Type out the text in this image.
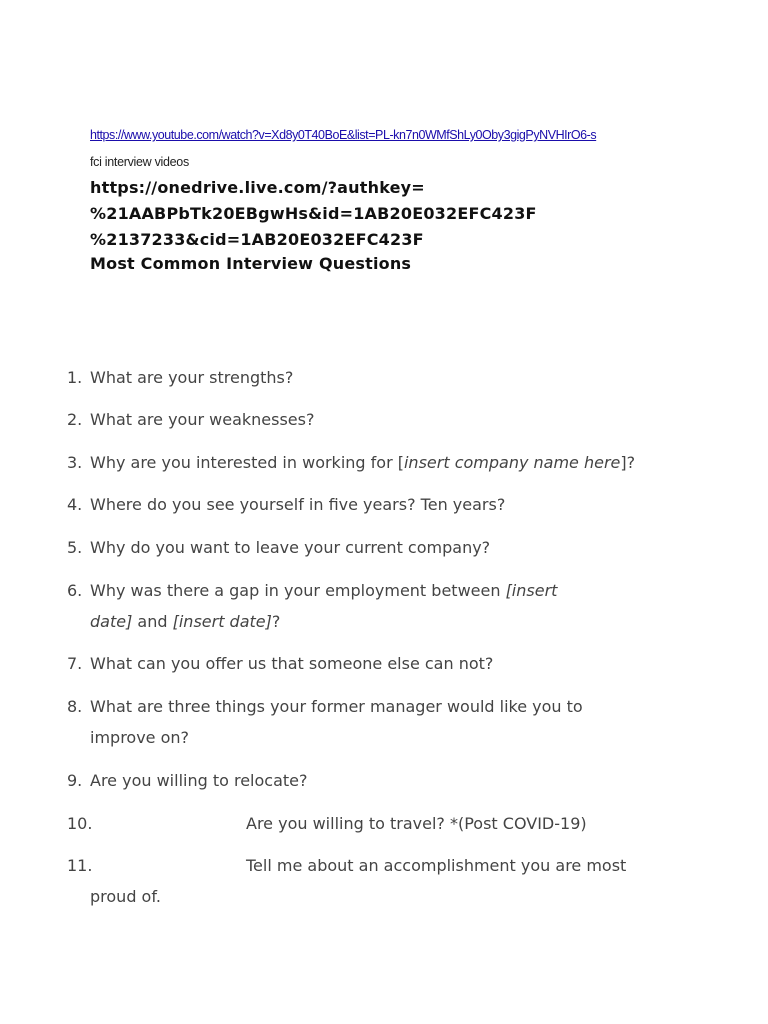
https://www.youtube.com/watch?v=Xd8y0T40BoE&list=PL-kn7n0WMfShLy0Oby3gigPyNVHIrO6-s
fci interview videos
https://onedrive.live.com/?authkey=
%21AABPbTk20EBgwHs&id=1AB20E032EFC423F
%2137233&cid=1AB20E032EFC423F
Most Common Interview Questions
1. What are your strengths?
2. What are your weaknesses?
3. Why are you interested in working for [insert company name here]?
4. Where do you see yourself in five years? Ten years?
5. Why do you want to leave your current company?
6. Why was there a gap in your employment between [insert
date] and [insert date]?
7. What can you offer us that someone else can not?
8. What are three things your former manager would like you to
improve on?
9. Are you willing to relocate?
10.	Are you willing to travel? *(Post COVID-19)
11.	Tell me about an accomplishment you are most
proud of.
